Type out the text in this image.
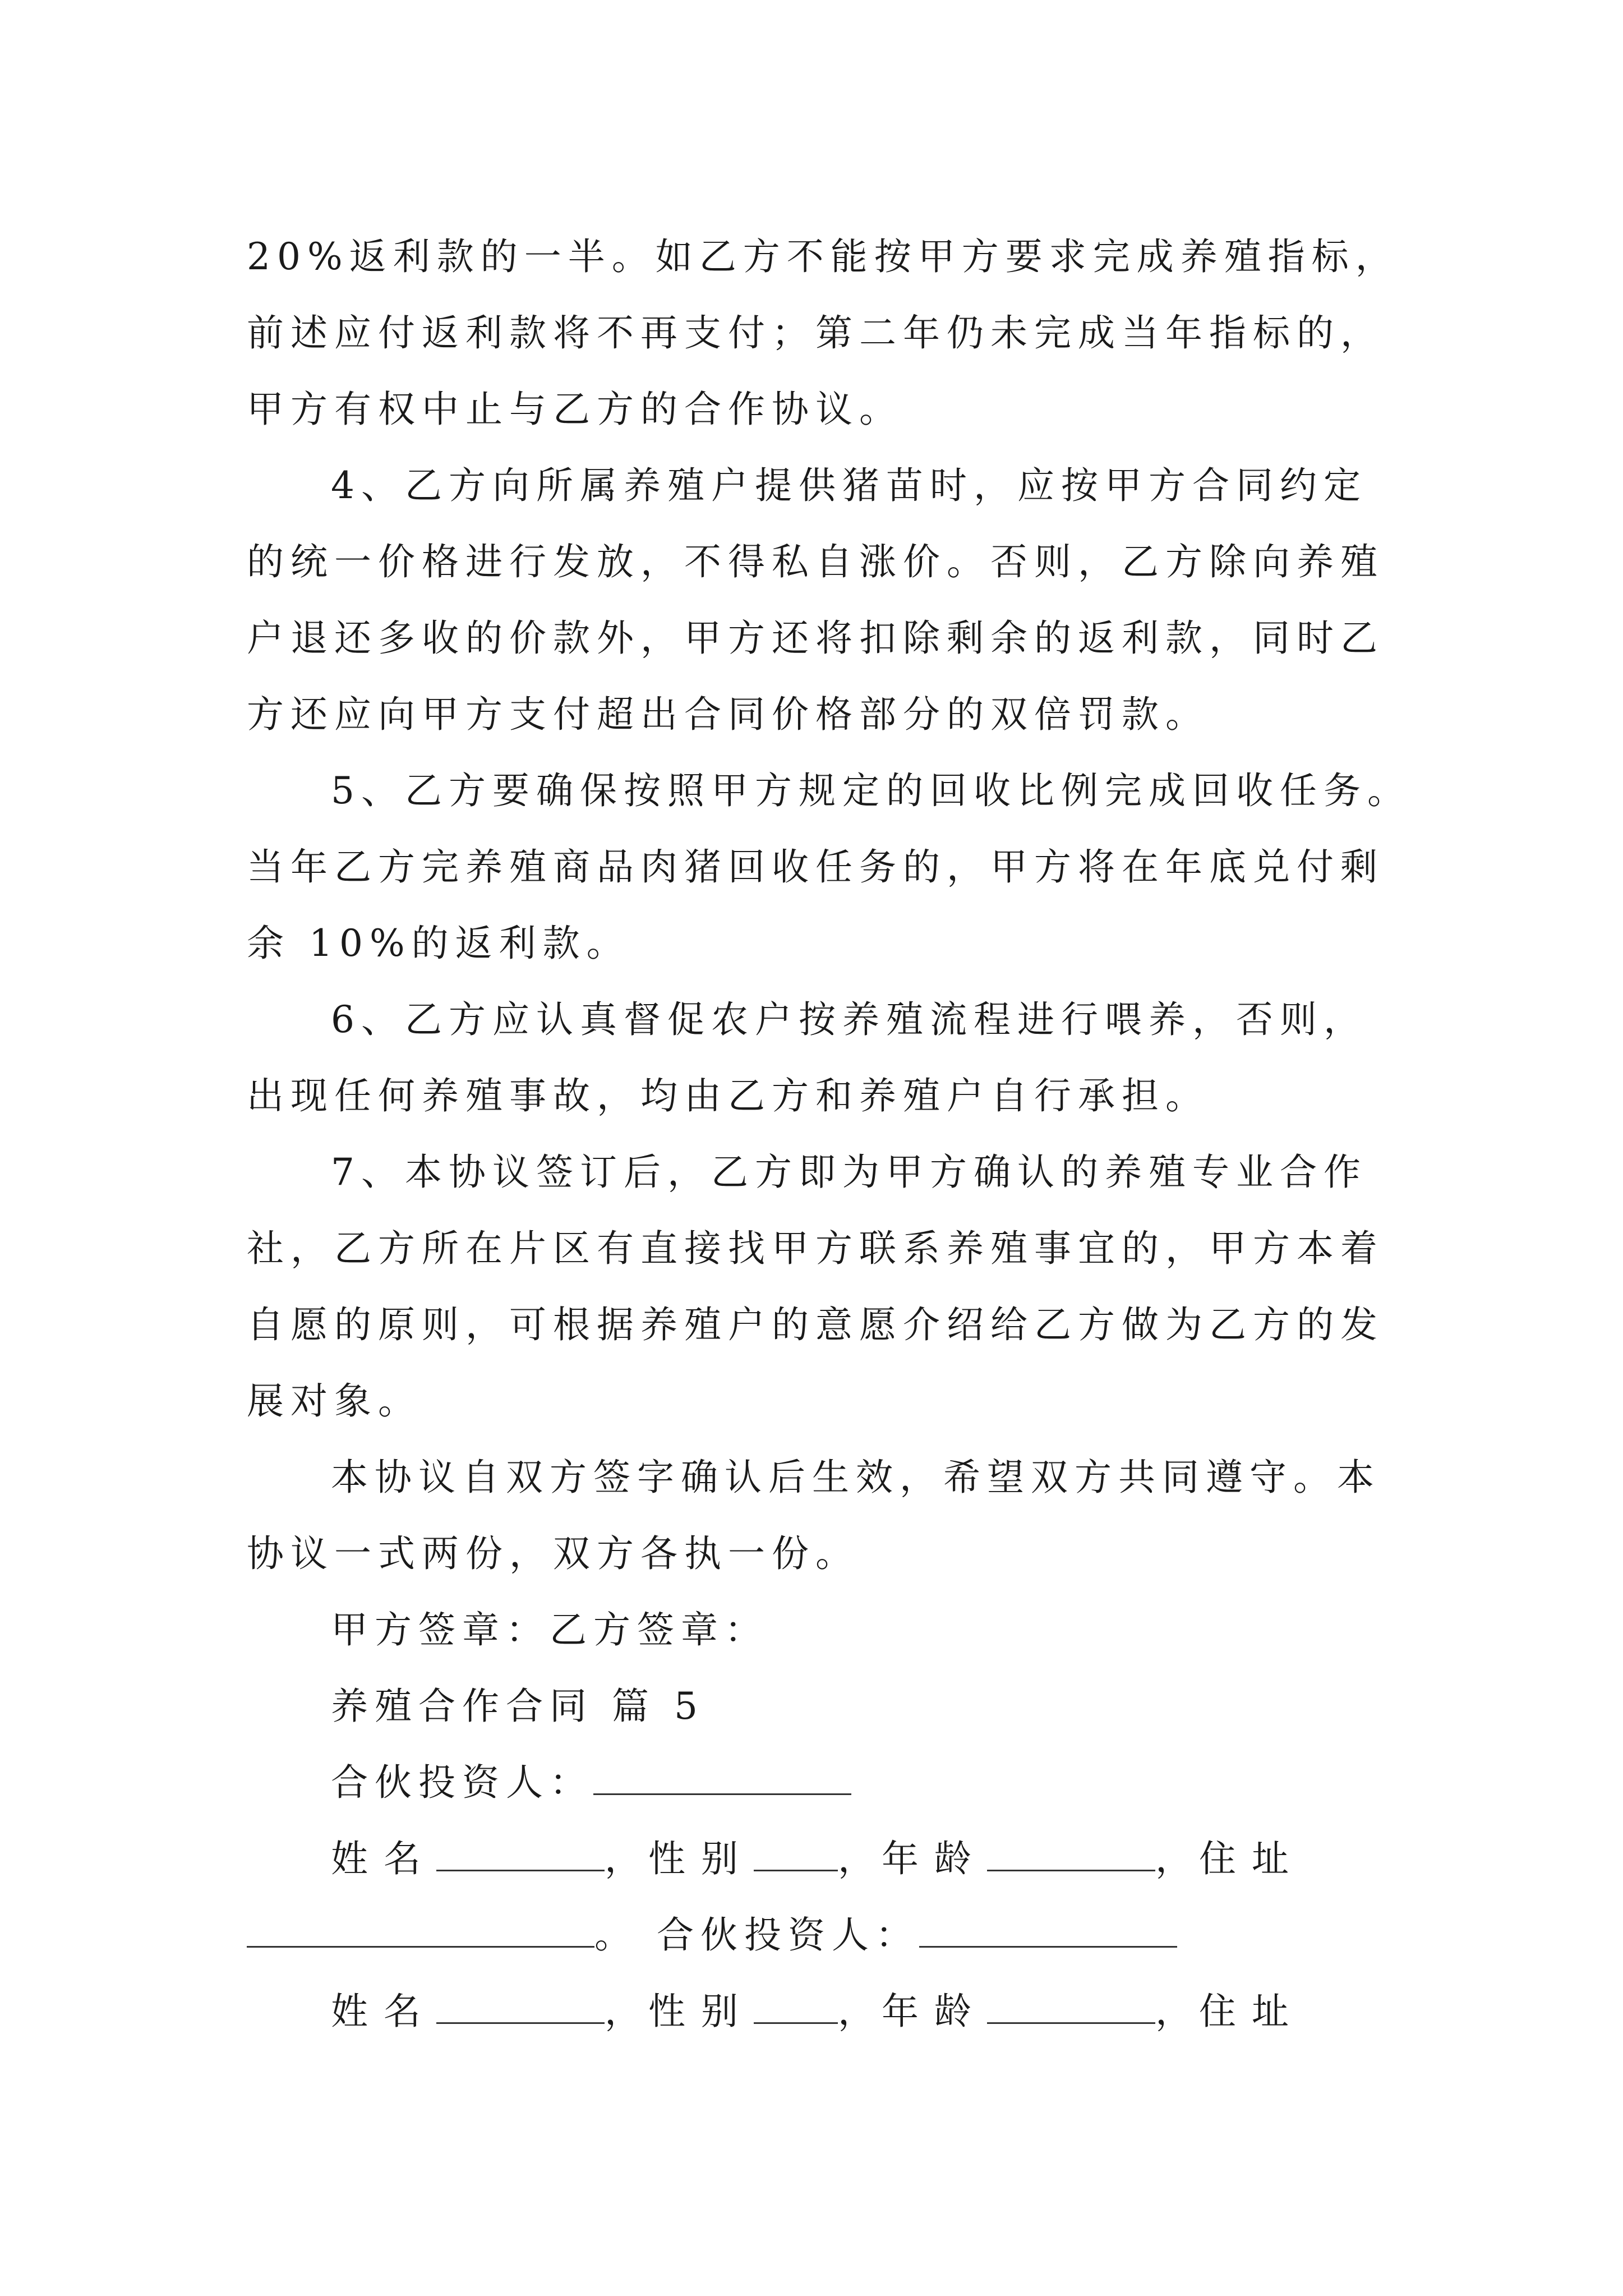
20%返利款的一半。如乙方不能按甲方要求完成养殖指标，
前述应付返利款将不再支付；第二年仍未完成当年指标的，
甲方有权中止与乙方的合作协议。
4、乙方向所属养殖户提供猪苗时，应按甲方合同约定
的统一价格进行发放，不得私自涨价。否则，乙方除向养殖
户退还多收的价款外，甲方还将扣除剩余的返利款，同时乙
方还应向甲方支付超出合同价格部分的双倍罚款。
5、乙方要确保按照甲方规定的回收比例完成回收任务。
当年乙方完养殖商品肉猪回收任务的，甲方将在年底兑付剩
余 10%的返利款。
6、乙方应认真督促农户按养殖流程进行喂养，否则，
出现任何养殖事故，均由乙方和养殖户自行承担。
7、本协议签订后，乙方即为甲方确认的养殖专业合作
社，乙方所在片区有直接找甲方联系养殖事宜的，甲方本着
自愿的原则，可根据养殖户的意愿介绍给乙方做为乙方的发
展对象。
本协议自双方签字确认后生效，希望双方共同遵守。本
协议一式两份，双方各执一份。
甲方签章：乙方签章：
养殖合作合同 篇 5
合伙投资人：
姓名	，性别 ，年龄	，住址
。 合伙投资人：
姓名	，性别 ，年龄	，住址
